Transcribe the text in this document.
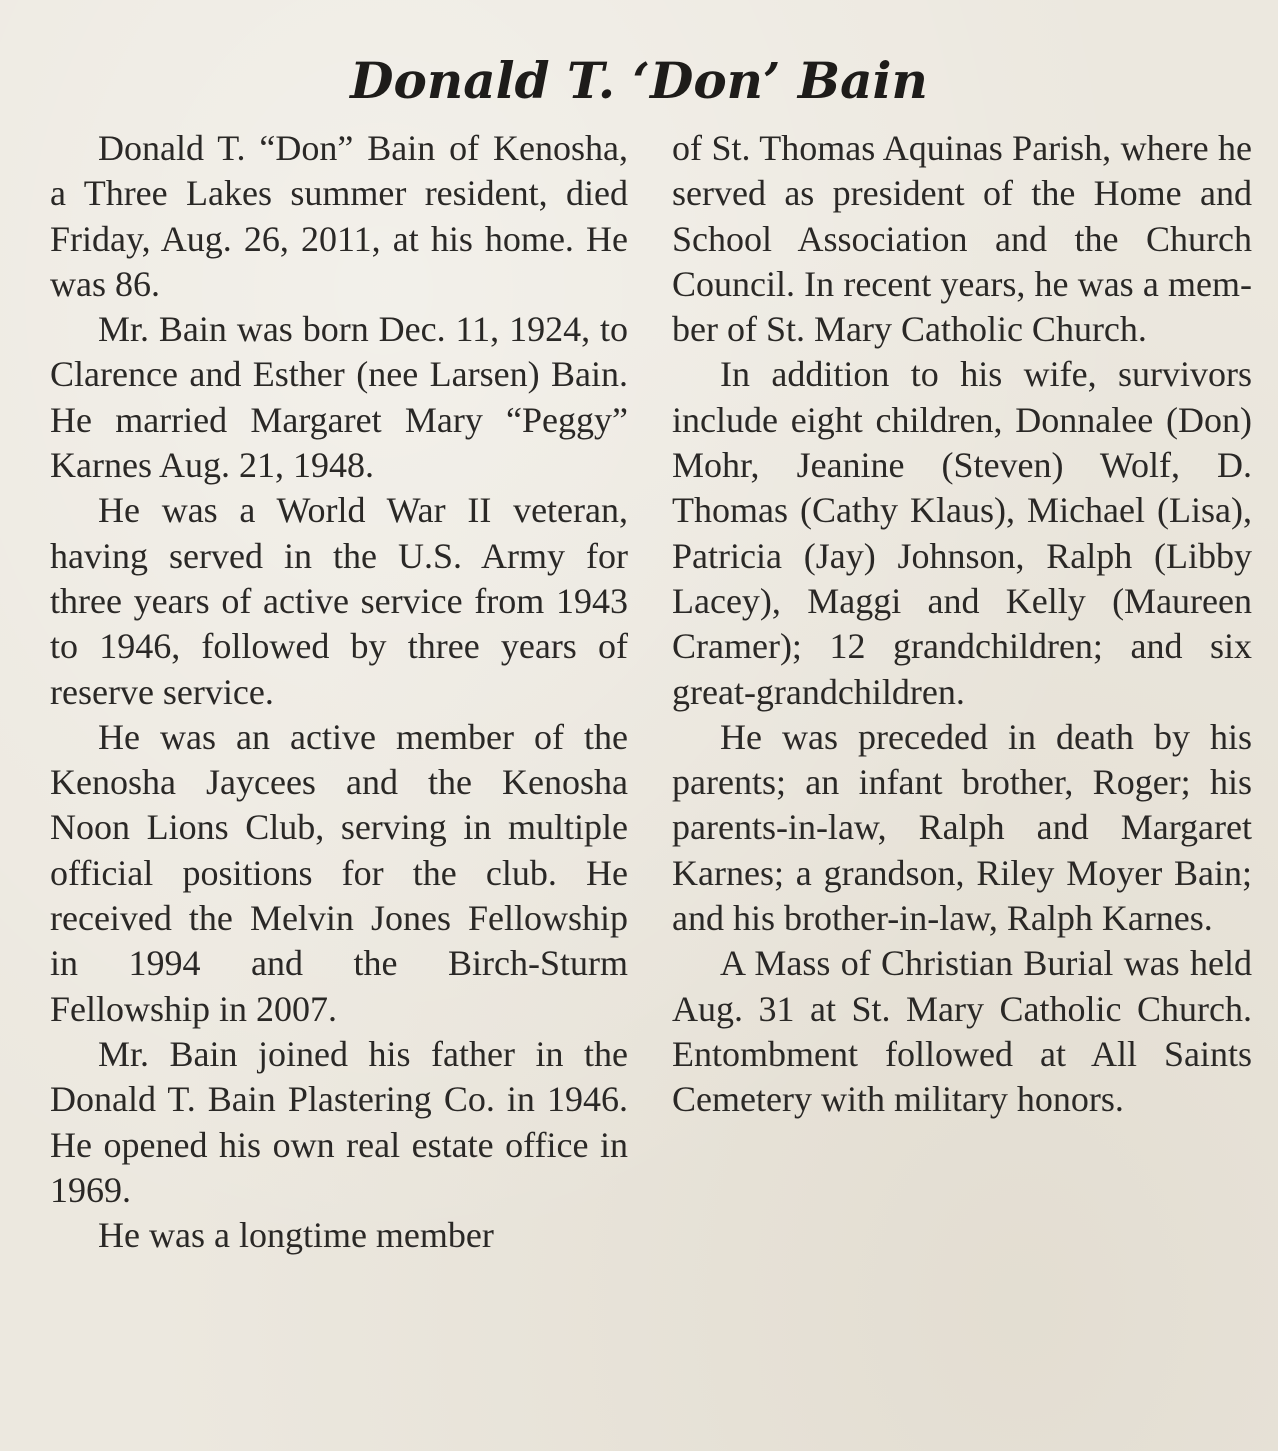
Donald T. ‘Don’ Bain

Donald T. “Don” Bain of Kenosha, a Three Lakes summer resident, died Friday, Aug. 26, 2011, at his home. He was 86.

Mr. Bain was born Dec. 11, 1924, to Clarence and Esther (nee Larsen) Bain. He married Margaret Mary “Peggy” Karnes Aug. 21, 1948.

He was a World War II veteran, having served in the U.S. Army for three years of active service from 1943 to 1946, followed by three years of reserve service.

He was an active member of the Kenosha Jaycees and the Kenosha Noon Lions Club, serving in multiple official positions for the club. He received the Melvin Jones Fellowship in 1994 and the Birch-Sturm Fellowship in 2007.

Mr. Bain joined his father in the Donald T. Bain Plastering Co. in 1946. He opened his own real estate office in 1969.

He was a longtime member

of St. Thomas Aquinas Parish, where he served as president of the Home and School Association and the Church Council. In recent years, he was a member of St. Mary Catholic Church.

In addition to his wife, survivors include eight children, Donnalee (Don) Mohr, Jeanine (Steven) Wolf, D. Thomas (Cathy Klaus), Michael (Lisa), Patricia (Jay) Johnson, Ralph (Libby Lacey), Maggi and Kelly (Maureen Cramer); 12 grandchildren; and six great-grandchildren.

He was preceded in death by his parents; an infant brother, Roger; his parents-in-law, Ralph and Margaret Karnes; a grandson, Riley Moyer Bain; and his brother-in-law, Ralph Karnes.

A Mass of Christian Burial was held Aug. 31 at St. Mary Catholic Church. Entombment followed at All Saints Cemetery with military honors.
